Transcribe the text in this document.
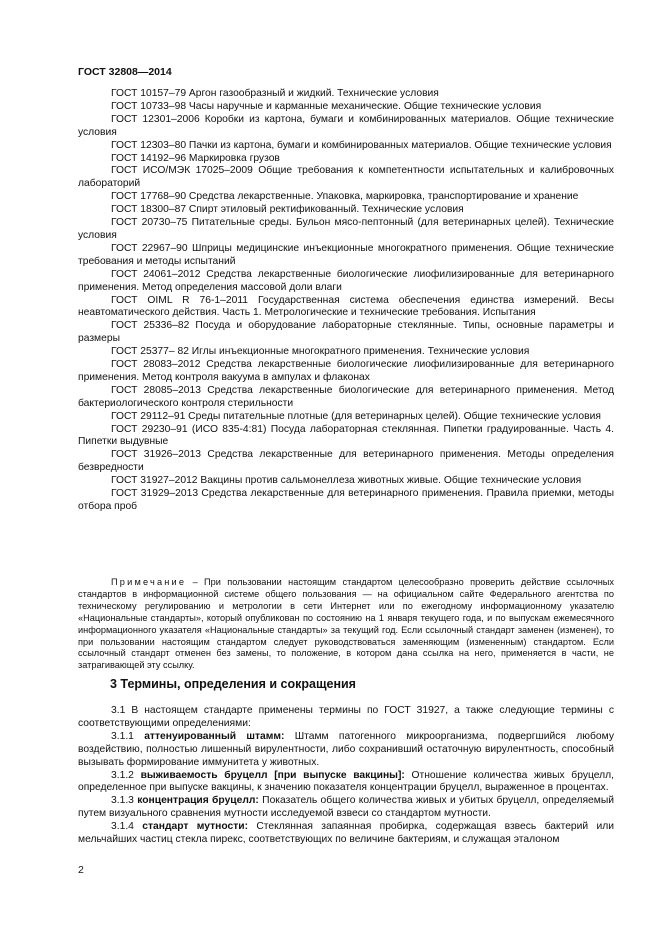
ГОСТ 32808—2014

ГОСТ 10157–79 Аргон газообразный и жидкий. Технические условия

ГОСТ 10733–98 Часы наручные и карманные механические. Общие технические условия

ГОСТ 12301–2006 Коробки из картона, бумаги и комбинированных материалов. Общие технические условия

ГОСТ 12303–80 Пачки из картона, бумаги и комбинированных материалов. Общие технические условия

ГОСТ 14192–96 Маркировка грузов

ГОСТ ИСО/МЭК 17025–2009 Общие требования к компетентности испытательных и калибровочных лабораторий

ГОСТ 17768–90 Средства лекарственные. Упаковка, маркировка, транспортирование и хранение

ГОСТ 18300–87 Спирт этиловый ректификованный. Технические условия

ГОСТ 20730–75 Питательные среды. Бульон мясо-пептонный (для ветеринарных целей). Технические условия

ГОСТ 22967–90 Шприцы медицинские инъекционные многократного применения. Общие технические требования и методы испытаний

ГОСТ 24061–2012 Средства лекарственные биологические лиофилизированные для ветеринарного применения. Метод определения массовой доли влаги

ГОСТ OIML R 76-1–2011 Государственная система обеспечения единства измерений. Весы неавтоматического действия. Часть 1. Метрологические и технические требования. Испытания

ГОСТ 25336–82 Посуда и оборудование лабораторные стеклянные. Типы, основные параметры и размеры

ГОСТ 25377– 82 Иглы инъекционные многократного применения. Технические условия

ГОСТ 28083–2012 Средства лекарственные биологические лиофилизированные для ветеринарного применения. Метод контроля вакуума в ампулах и флаконах

ГОСТ 28085–2013 Средства лекарственные биологические для ветеринарного применения. Метод бактериологического контроля стерильности

ГОСТ 29112–91 Среды питательные плотные (для ветеринарных целей). Общие технические условия

ГОСТ 29230–91 (ИСО 835-4:81) Посуда лабораторная стеклянная. Пипетки градуированные. Часть 4. Пипетки выдувные

ГОСТ 31926–2013 Средства лекарственные для ветеринарного применения. Методы определения безвредности

ГОСТ 31927–2012 Вакцины против сальмонеллеза животных живые. Общие технические условия

ГОСТ 31929–2013 Средства лекарственные для ветеринарного применения. Правила приемки, методы отбора проб

Примечание – При пользовании настоящим стандартом целесообразно проверить действие ссылочных стандартов в информационной системе общего пользования — на официальном сайте Федерального агентства по техническому регулированию и метрологии в сети Интернет или по ежегодному информационному указателю «Национальные стандарты», который опубликован по состоянию на 1 января текущего года, и по выпускам ежемесячного информационного указателя «Национальные стандарты» за текущий год. Если ссылочный стандарт заменен (изменен), то при пользовании настоящим стандартом следует руководствоваться заменяющим (измененным) стандартом. Если ссылочный стандарт отменен без замены, то положение, в котором дана ссылка на него, применяется в части, не затрагивающей эту ссылку.

3 Термины, определения и сокращения

3.1 В настоящем стандарте применены термины по ГОСТ 31927, а также следующие термины с соответствующими определениями:

3.1.1 аттенуированный штамм: Штамм патогенного микроорганизма, подвергшийся любому воздействию, полностью лишенный вирулентности, либо сохранивший остаточную вирулентность, способный вызывать формирование иммунитета у животных.

3.1.2 выживаемость бруцелл [при выпуске вакцины]: Отношение количества живых бруцелл, определенное при выпуске вакцины, к значению показателя концентрации бруцелл, выраженное в процентах.

3.1.3 концентрация бруцелл: Показатель общего количества живых и убитых бруцелл, определяемый путем визуального сравнения мутности исследуемой взвеси со стандартом мутности.

3.1.4 стандарт мутности: Стеклянная запаянная пробирка, содержащая взвесь бактерий или мельчайших частиц стекла пирекс, соответствующих по величине бактериям, и служащая эталоном

2
